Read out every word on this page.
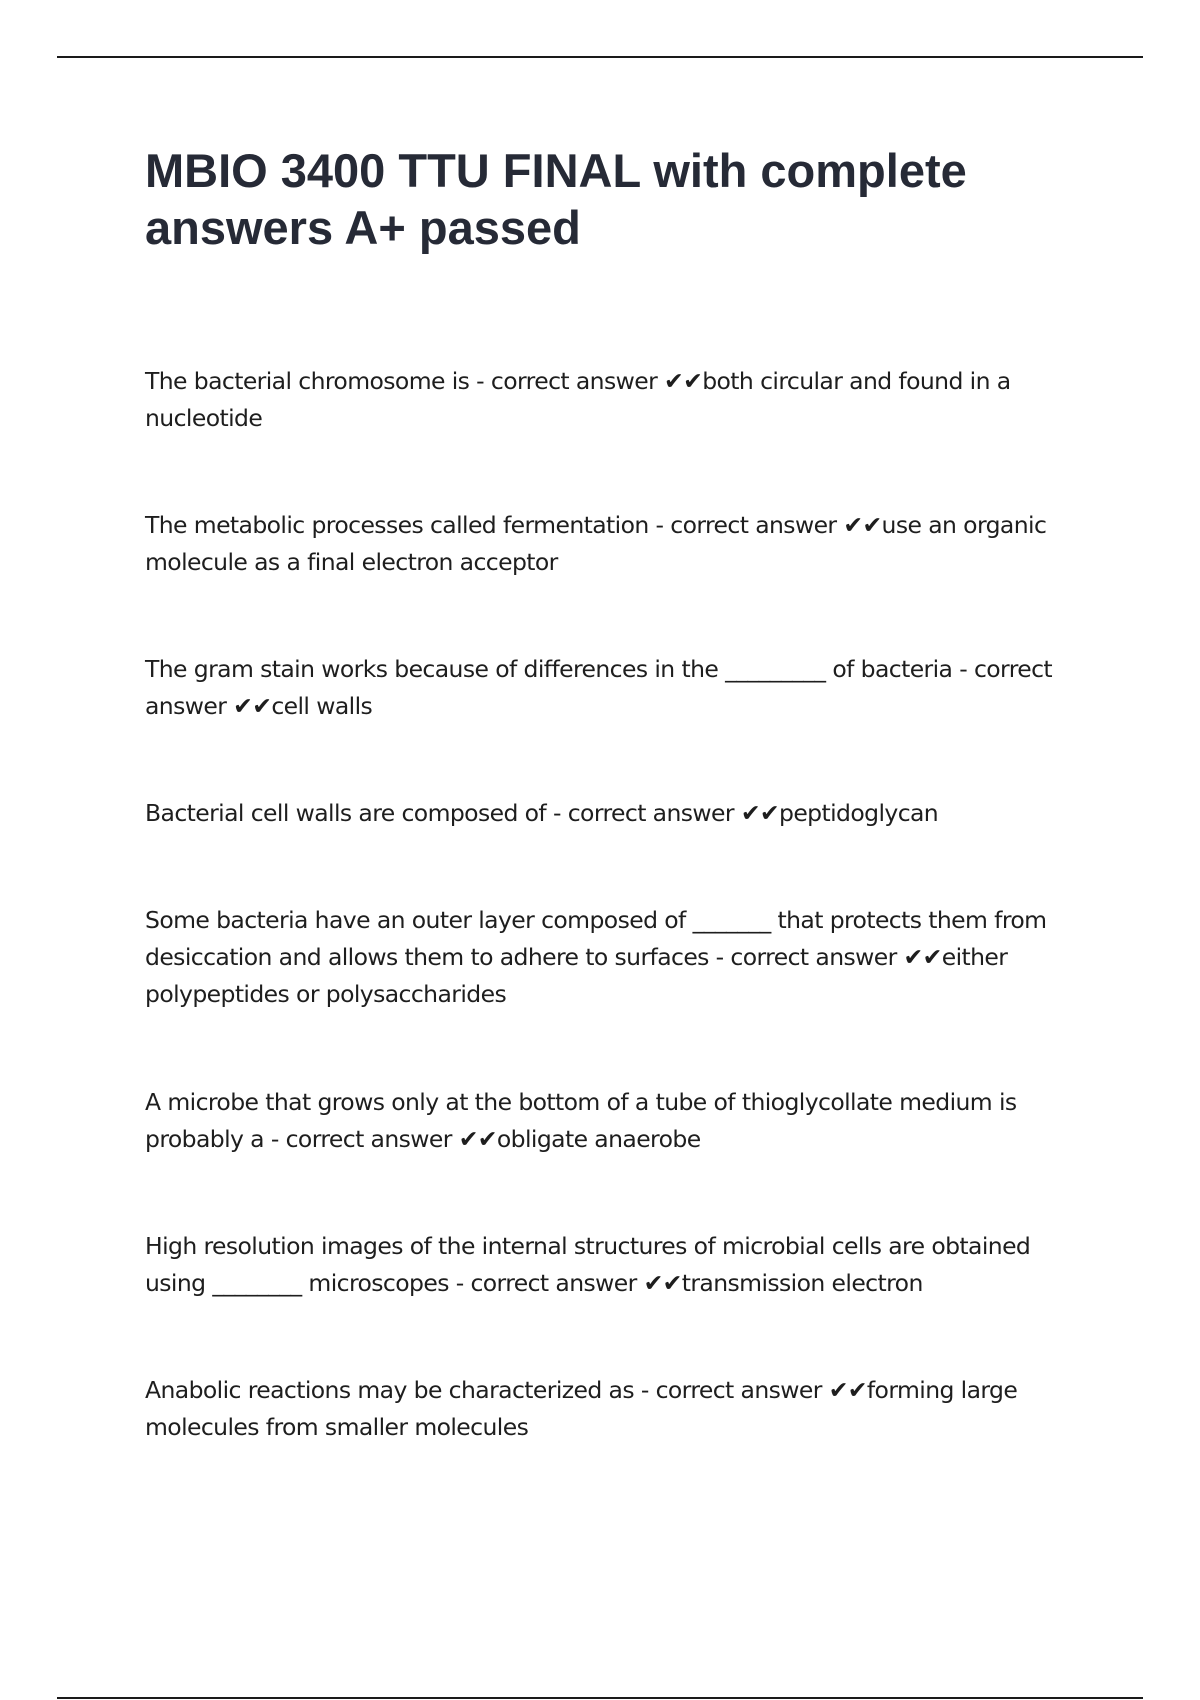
MBIO 3400 TTU FINAL with complete answers A+ passed

The bacterial chromosome is - correct answer ✔✔both circular and found in a nucleotide

The metabolic processes called fermentation - correct answer ✔✔use an organic molecule as a final electron acceptor

The gram stain works because of differences in the _________ of bacteria - correct answer ✔✔cell walls

Bacterial cell walls are composed of - correct answer ✔✔peptidoglycan

Some bacteria have an outer layer composed of _______ that protects them from desiccation and allows them to adhere to surfaces - correct answer ✔✔either polypeptides or polysaccharides

A microbe that grows only at the bottom of a tube of thioglycollate medium is probably a - correct answer ✔✔obligate anaerobe

High resolution images of the internal structures of microbial cells are obtained using ________ microscopes - correct answer ✔✔transmission electron

Anabolic reactions may be characterized as - correct answer ✔✔forming large molecules from smaller molecules
